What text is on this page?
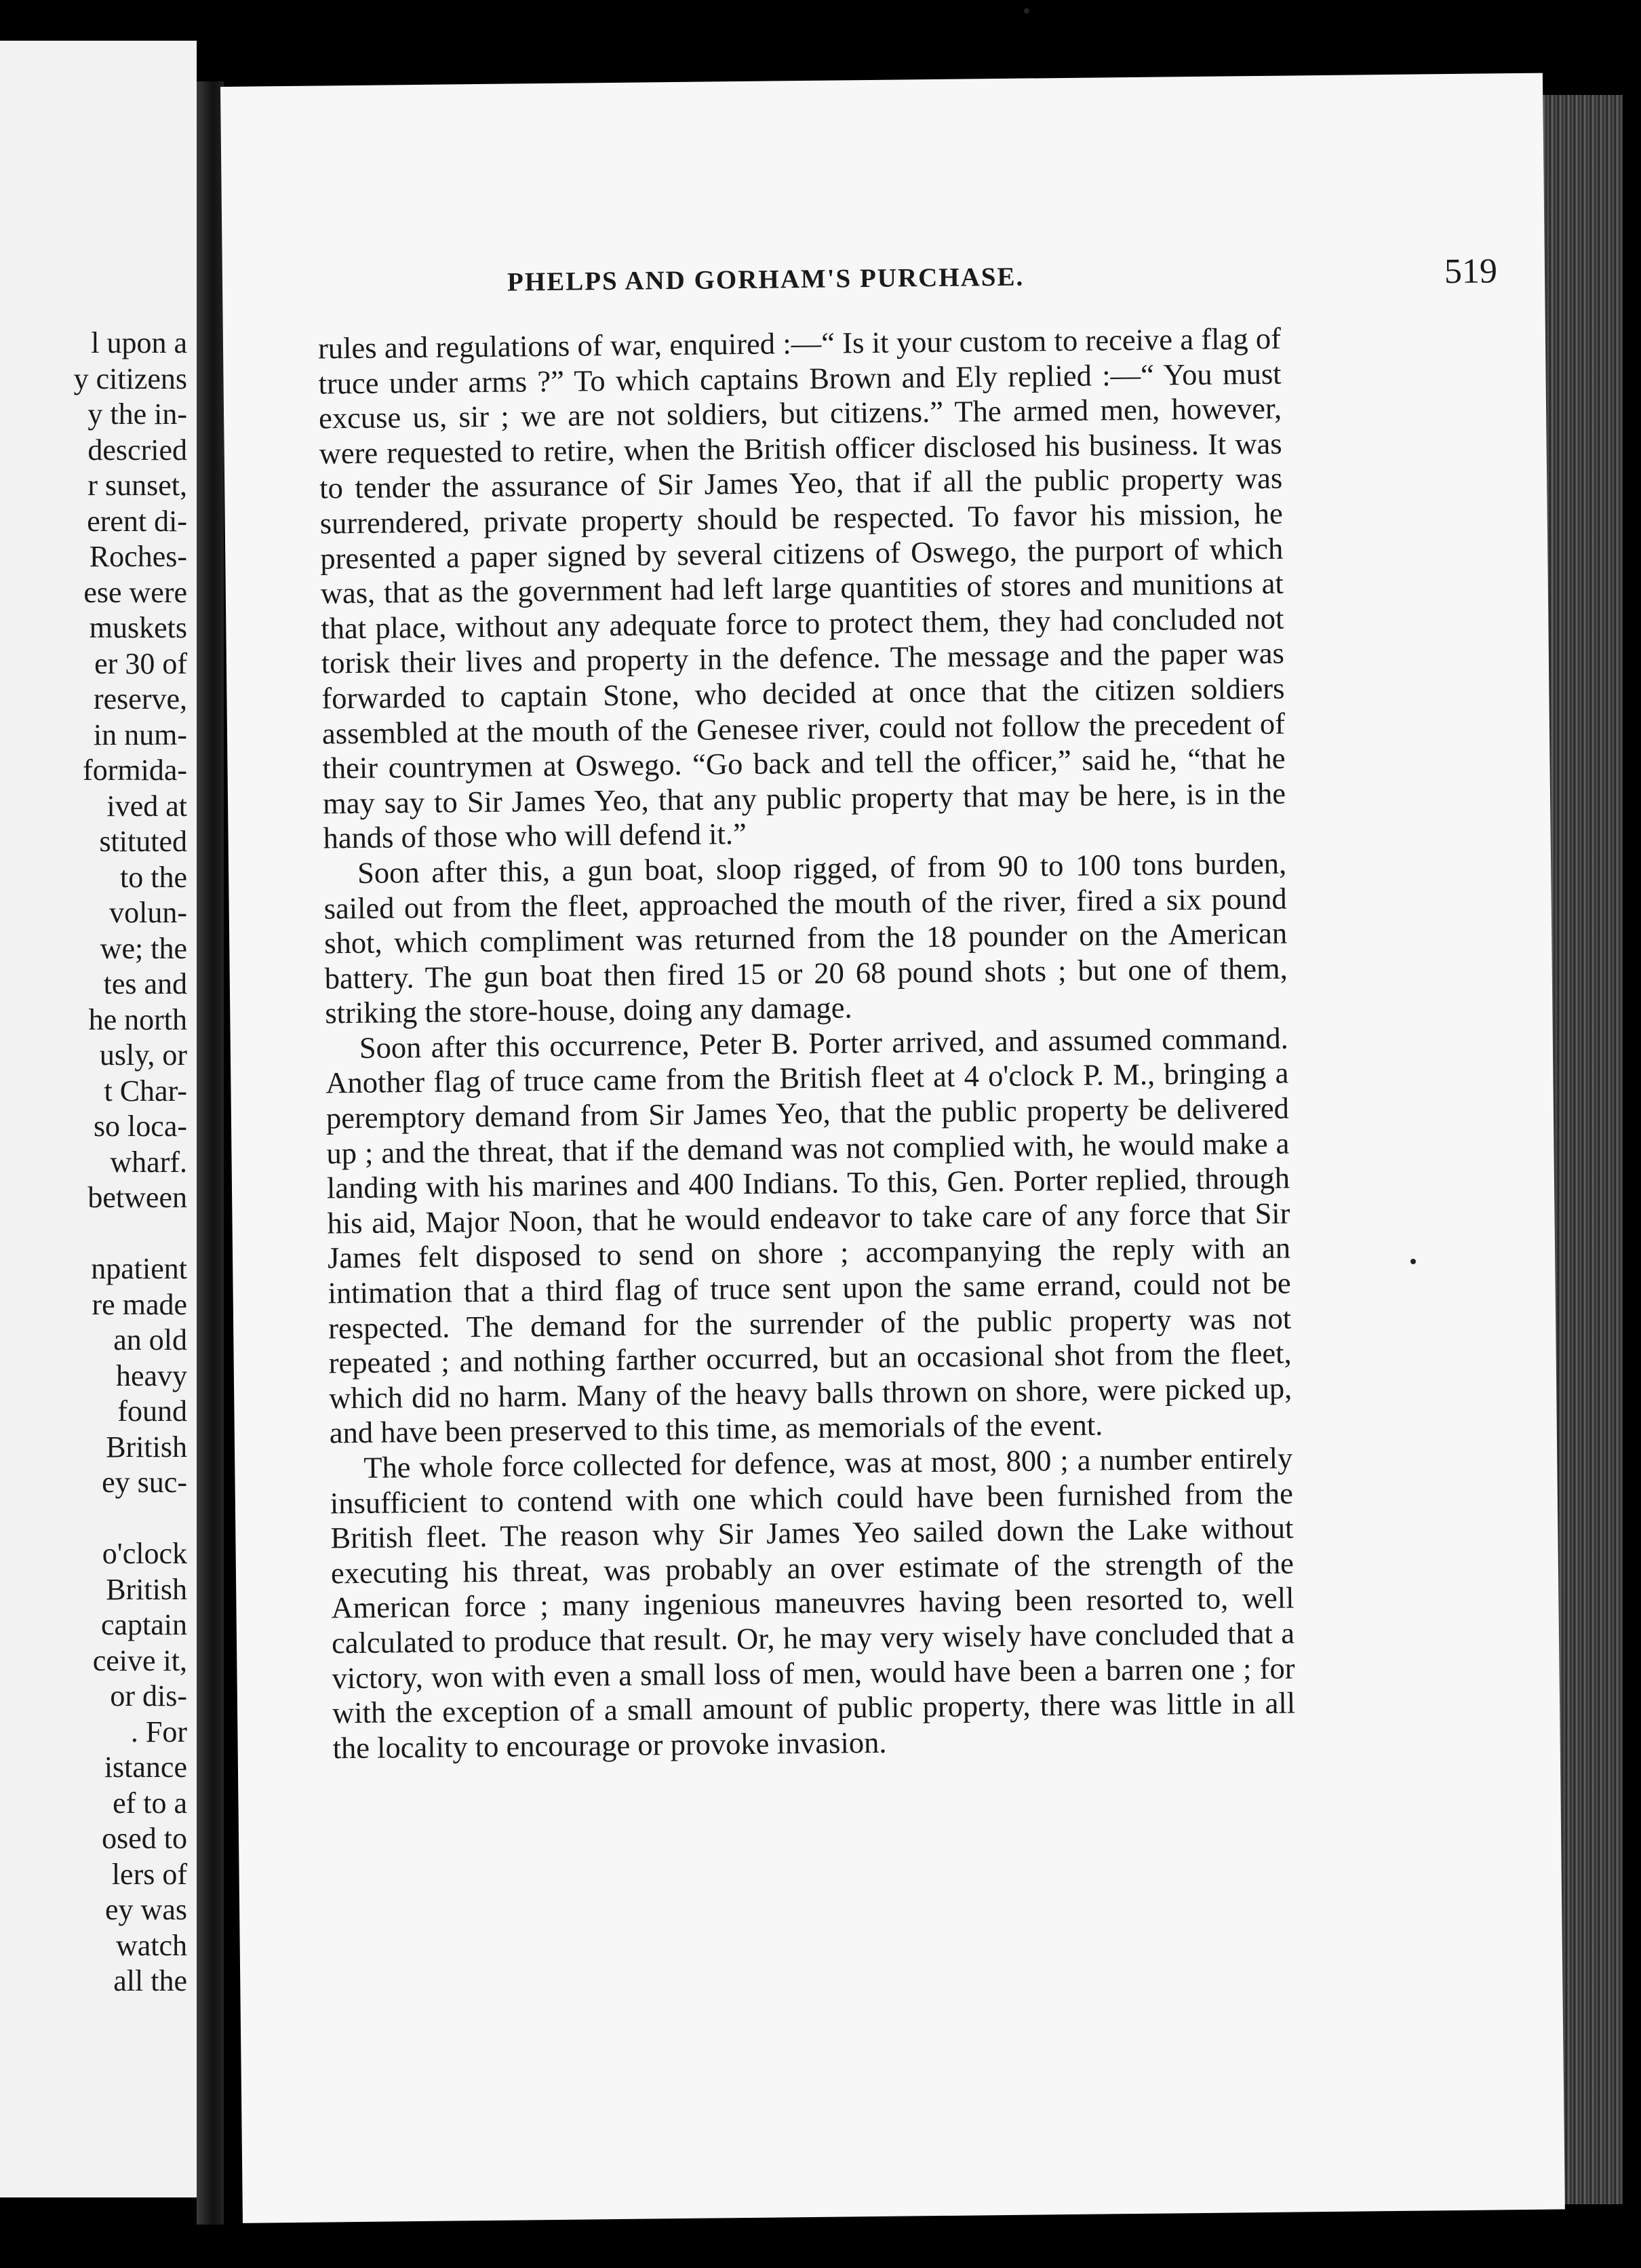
l upon a
y citizens
y the in-
descried
r sunset,
erent di-
Roches-
ese were
muskets
er 30 of
reserve,
in num-
formida-
ived at
stituted
to the
volun-
we; the
tes and
he north
usly, or
t Char-
so loca-
wharf.
between
npatient
re made
an old
heavy
found
British
ey suc-
o'clock
British
captain
ceive it,
or dis-
. For
istance
ef to a
osed to
lers of
ey was
watch
all the
PHELPS AND GORHAM'S PURCHASE.	519

rules and regulations of war, enquired :—“ Is it your custom to receive a flag of truce under arms ?” To which captains Brown and Ely replied :—“ You must excuse us, sir ; we are not soldiers, but citizens.” The armed men, however, were requested to retire, when the British officer disclosed his business. It was to tender the assurance of Sir James Yeo, that if all the public property was surrendered, private property should be respected. To favor his mission, he presented a paper signed by several citizens of Oswego, the purport of which was, that as the government had left large quantities of stores and munitions at that place, without any adequate force to protect them, they had concluded not torisk their lives and property in the defence. The message and the paper was forwarded to captain Stone, who decided at once that the citizen soldiers assembled at the mouth of the Genesee river, could not follow the precedent of their countrymen at Oswego. “Go back and tell the officer,” said he, “that he may say to Sir James Yeo, that any public property that may be here, is in the hands of those who will defend it.”

Soon after this, a gun boat, sloop rigged, of from 90 to 100 tons burden, sailed out from the fleet, approached the mouth of the river, fired a six pound shot, which compliment was returned from the 18 pounder on the American battery. The gun boat then fired 15 or 20 68 pound shots ; but one of them, striking the store-house, doing any damage.

Soon after this occurrence, Peter B. Porter arrived, and assumed command. Another flag of truce came from the British fleet at 4 o'clock P. M., bringing a peremptory demand from Sir James Yeo, that the public property be delivered up ; and the threat, that if the demand was not complied with, he would make a landing with his marines and 400 Indians. To this, Gen. Porter replied, through his aid, Major Noon, that he would endeavor to take care of any force that Sir James felt disposed to send on shore ; accompanying the reply with an intimation that a third flag of truce sent upon the same errand, could not be respected. The demand for the surrender of the public property was not repeated ; and nothing farther occurred, but an occasional shot from the fleet, which did no harm. Many of the heavy balls thrown on shore, were picked up, and have been preserved to this time, as memorials of the event.

The whole force collected for defence, was at most, 800 ; a number entirely insufficient to contend with one which could have been furnished from the British fleet. The reason why Sir James Yeo sailed down the Lake without executing his threat, was probably an over estimate of the strength of the American force ; many ingenious maneuvres having been resorted to, well calculated to produce that result. Or, he may very wisely have concluded that a victory, won with even a small loss of men, would have been a barren one ; for with the exception of a small amount of public property, there was little in all the locality to encourage or provoke invasion.
